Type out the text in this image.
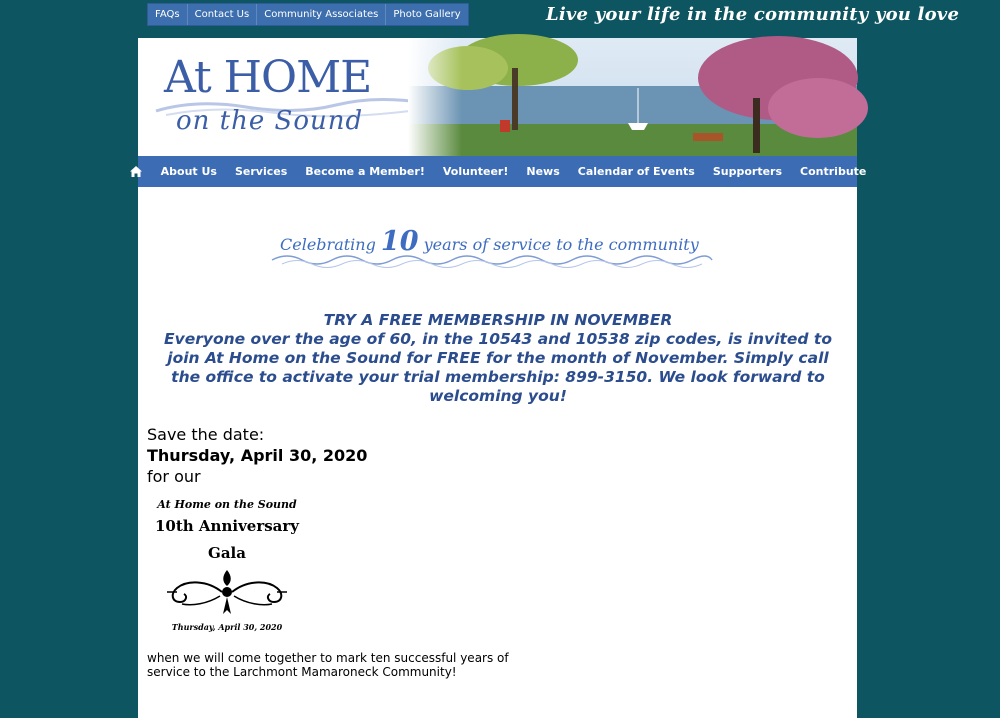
FAQs	Contact Us	Community Associates	Photo Gallery	Live your life in the community you love
At HOME
on the Sound
About Us	Services	Become a Member!	Volunteer!	News	Calendar of Events	Supporters	Contribute
Celebrating 10 years of service to the community
TRY A FREE MEMBERSHIP IN NOVEMBER
Everyone over the age of 60, in the 10543 and 10538 zip codes, is invited to join At Home on the Sound for FREE for the month of November. Simply call the office to activate your trial membership: 899-3150. We look forward to welcoming you!
Save the date:
Thursday, April 30, 2020
for our
At Home on the Sound
10th Anniversary
Gala
Thursday, April 30, 2020
when we will come together to mark ten successful years of service to the Larchmont Mamaroneck Community!
